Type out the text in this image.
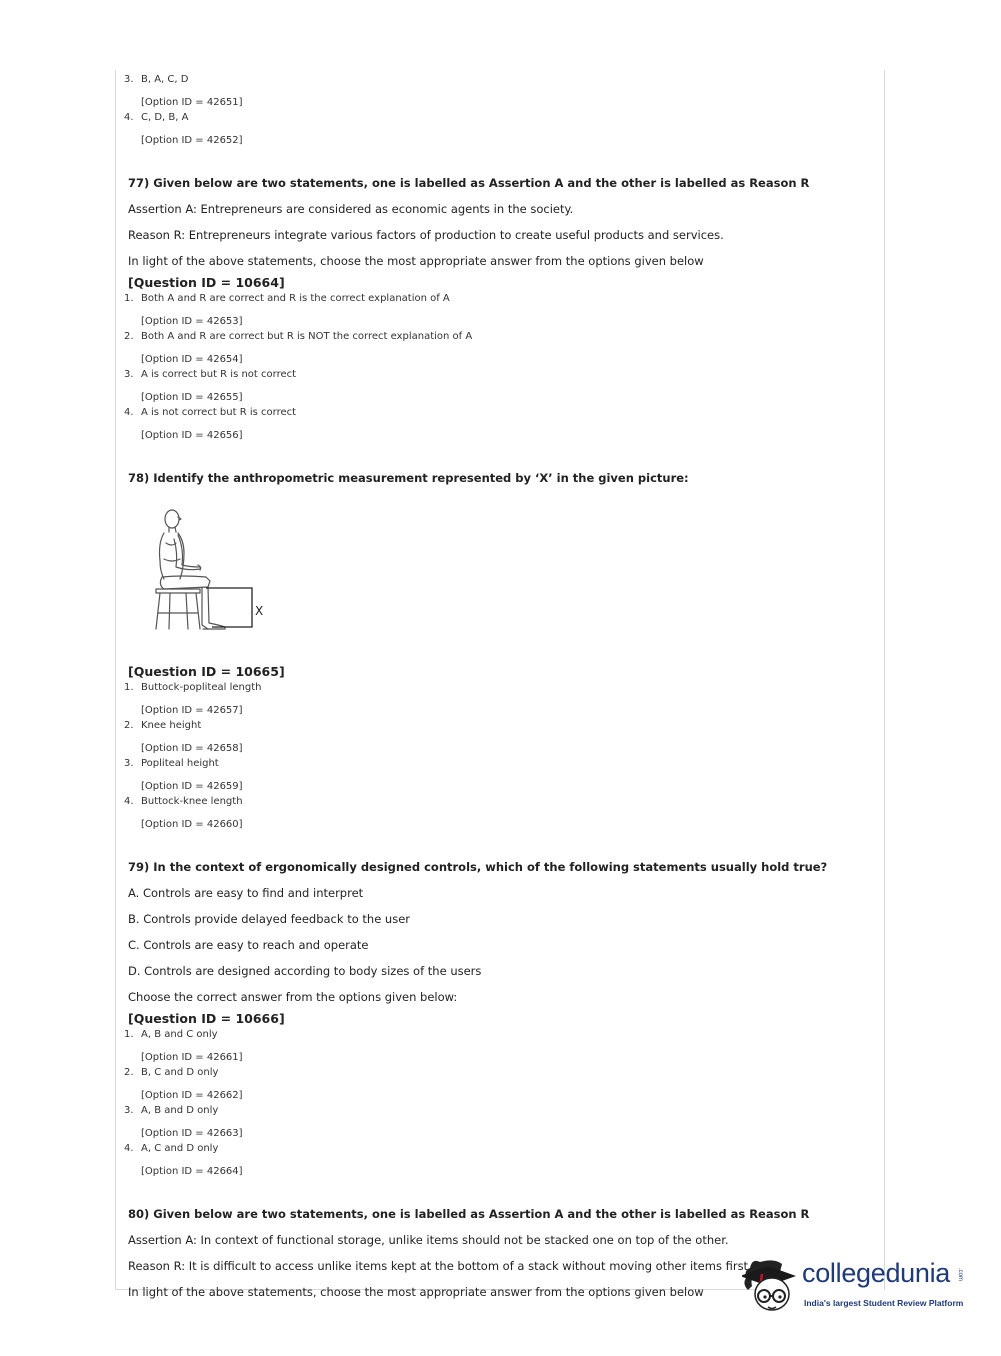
3. B, A, C, D
[Option ID = 42651]
4. C, D, B, A
[Option ID = 42652]
77) Given below are two statements, one is labelled as Assertion A and the other is labelled as Reason R
Assertion A: Entrepreneurs are considered as economic agents in the society.
Reason R: Entrepreneurs integrate various factors of production to create useful products and services.
In light of the above statements, choose the most appropriate answer from the options given below
[Question ID = 10664]
1. Both A and R are correct and R is the correct explanation of A
[Option ID = 42653]
2. Both A and R are correct but R is NOT the correct explanation of A
[Option ID = 42654]
3. A is correct but R is not correct
[Option ID = 42655]
4. A is not correct but R is correct
[Option ID = 42656]
78) Identify the anthropometric measurement represented by ‘X’ in the given picture:
X
[Question ID = 10665]
1. Buttock-popliteal length
[Option ID = 42657]
2. Knee height
[Option ID = 42658]
3. Popliteal height
[Option ID = 42659]
4. Buttock-knee length
[Option ID = 42660]
79) In the context of ergonomically designed controls, which of the following statements usually hold true?
A. Controls are easy to find and interpret
B. Controls provide delayed feedback to the user
C. Controls are easy to reach and operate
D. Controls are designed according to body sizes of the users
Choose the correct answer from the options given below:
[Question ID = 10666]
1. A, B and C only
[Option ID = 42661]
2. B, C and D only
[Option ID = 42662]
3. A, B and D only
[Option ID = 42663]
4. A, C and D only
[Option ID = 42664]
80) Given below are two statements, one is labelled as Assertion A and the other is labelled as Reason R
Assertion A: In context of functional storage, unlike items should not be stacked one on top of the other.
Reason R: It is difficult to access unlike items kept at the bottom of a stack without moving other items first
In light of the above statements, choose the most appropriate answer from the options given below
collegedunia .com
India's largest Student Review Platform
